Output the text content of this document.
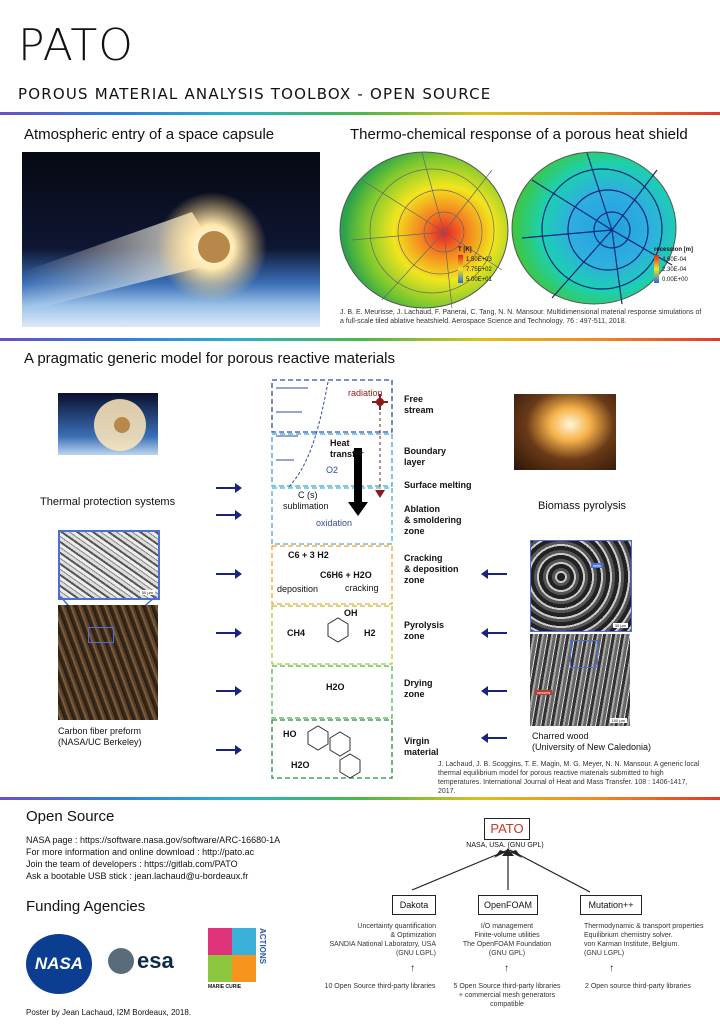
PATO
POROUS MATERIAL ANALYSIS TOOLBOX - OPEN SOURCE
Atmospheric entry of a space capsule	Thermo-chemical response of a porous heat shield
T [K]
1.50E+03
7.75E+02
5.00E+01
recession [m]
4.60E-04
2.30E-04
0.00E+00
J. B. E. Meurisse, J. Lachaud, F. Panerai, C. Tang, N. N. Mansour. Multidimensional material response simulations of a full-scale tiled ablative heatshield. Aerospace Science and Technology. 76 : 497-511, 2018.
A pragmatic generic model for porous reactive materials
Thermal protection systems
50 µm
Carbon fiber preform
(NASA/UC Berkeley)
radiation
Heat
transfer
O2
C (s)
sublimation
oxidation
C6 + 3 H2
C6H6 + H2O
deposition	cracking
CH4	H2
OH
H2O
HO
H2O
Free
stream
Boundary
layer
Surface melting
Ablation
& smoldering
zone
Cracking
& deposition
zone
Pyrolysis
zone
Drying
zone
Virgin
material
Biomass pyrolysis
cells
30 µm
vessels
100 µm
Charred wood
(University of New Caledonia)
J. Lachaud, J. B. Scoggins, T. E. Magin, M. G. Meyer, N. N. Mansour. A generic local thermal equilibrium model for porous reactive materials submitted to high temperatures. International Journal of Heat and Mass Transfer. 108 : 1406-1417, 2017.
Open Source
NASA page : https://software.nasa.gov/software/ARC-16680-1A
For more information and online download : http://pato.ac
Join the team of developers : https://gitlab.com/PATO
Ask a bootable USB stick : jean.lachaud@u-bordeaux.fr
Funding Agencies
NASA	esa
MARIE CURIE
ACTIONS
PATO
NASA, USA. (GNU GPL)
Dakota	OpenFOAM	Mutation++
Uncertainty quantification
& Optimization
SANDIA National Laboratory, USA
(GNU LGPL)
I/O management
Finite-volume utilities
The OpenFOAM Foundation
(GNU GPL)
Thermodynamic & transport properties
Equilibrium chemistry solver.
von Karman Institute, Belgium.
(GNU LGPL)
↑	↑	↑
10 Open Source third-party libraries	5 Open Source third-party libraries
+ commercial mesh generators compatible
2 Open source third-party libraries
Poster by Jean Lachaud, I2M Bordeaux, 2018.
